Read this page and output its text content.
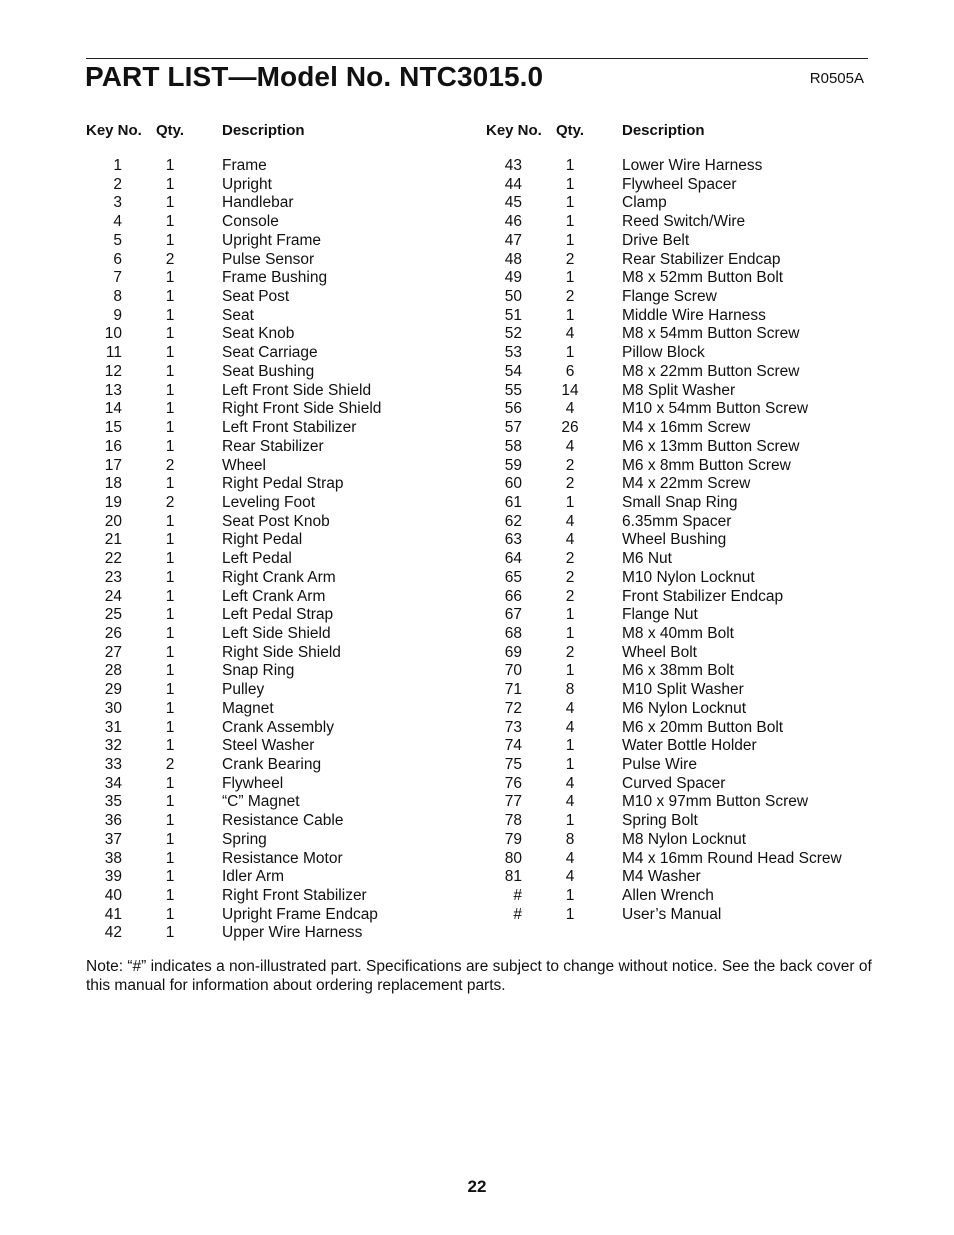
PART LIST—Model No. NTC3015.0	R0505A
Key No. Qty.	Description
1	1	Frame
2	1	Upright
3	1	Handlebar
4	1	Console
5	1	Upright Frame
6	2	Pulse Sensor
7	1	Frame Bushing
8	1	Seat Post
9	1	Seat
10	1	Seat Knob
11	1	Seat Carriage
12	1	Seat Bushing
13	1	Left Front Side Shield
14	1	Right Front Side Shield
15	1	Left Front Stabilizer
16	1	Rear Stabilizer
17	2	Wheel
18	1	Right Pedal Strap
19	2	Leveling Foot
20	1	Seat Post Knob
21	1	Right Pedal
22	1	Left Pedal
23	1	Right Crank Arm
24	1	Left Crank Arm
25	1	Left Pedal Strap
26	1	Left Side Shield
27	1	Right Side Shield
28	1	Snap Ring
29	1	Pulley
30	1	Magnet
31	1	Crank Assembly
32	1	Steel Washer
33	2	Crank Bearing
34	1	Flywheel
35	1	“C” Magnet
36	1	Resistance Cable
37	1	Spring
38	1	Resistance Motor
39	1	Idler Arm
40	1	Right Front Stabilizer
41	1	Upright Frame Endcap
42	1	Upper Wire Harness
Key No. Qty.	Description
43	1	Lower Wire Harness
44	1	Flywheel Spacer
45	1	Clamp
46	1	Reed Switch/Wire
47	1	Drive Belt
48	2	Rear Stabilizer Endcap
49	1	M8 x 52mm Button Bolt
50	2	Flange Screw
51	1	Middle Wire Harness
52	4	M8 x 54mm Button Screw
53	1	Pillow Block
54	6	M8 x 22mm Button Screw
55	14	M8 Split Washer
56	4	M10 x 54mm Button Screw
57	26	M4 x 16mm Screw
58	4	M6 x 13mm Button Screw
59	2	M6 x 8mm Button Screw
60	2	M4 x 22mm Screw
61	1	Small Snap Ring
62	4	6.35mm Spacer
63	4	Wheel Bushing
64	2	M6 Nut
65	2	M10 Nylon Locknut
66	2	Front Stabilizer Endcap
67	1	Flange Nut
68	1	M8 x 40mm Bolt
69	2	Wheel Bolt
70	1	M6 x 38mm Bolt
71	8	M10 Split Washer
72	4	M6 Nylon Locknut
73	4	M6 x 20mm Button Bolt
74	1	Water Bottle Holder
75	1	Pulse Wire
76	4	Curved Spacer
77	4	M10 x 97mm Button Screw
78	1	Spring Bolt
79	8	M8 Nylon Locknut
80	4	M4 x 16mm Round Head Screw
81	4	M4 Washer
#	1	Allen Wrench
#	1	User’s Manual
Note: “#” indicates a non-illustrated part. Specifications are subject to change without notice. See the back cover of this manual for information about ordering replacement parts.
22
